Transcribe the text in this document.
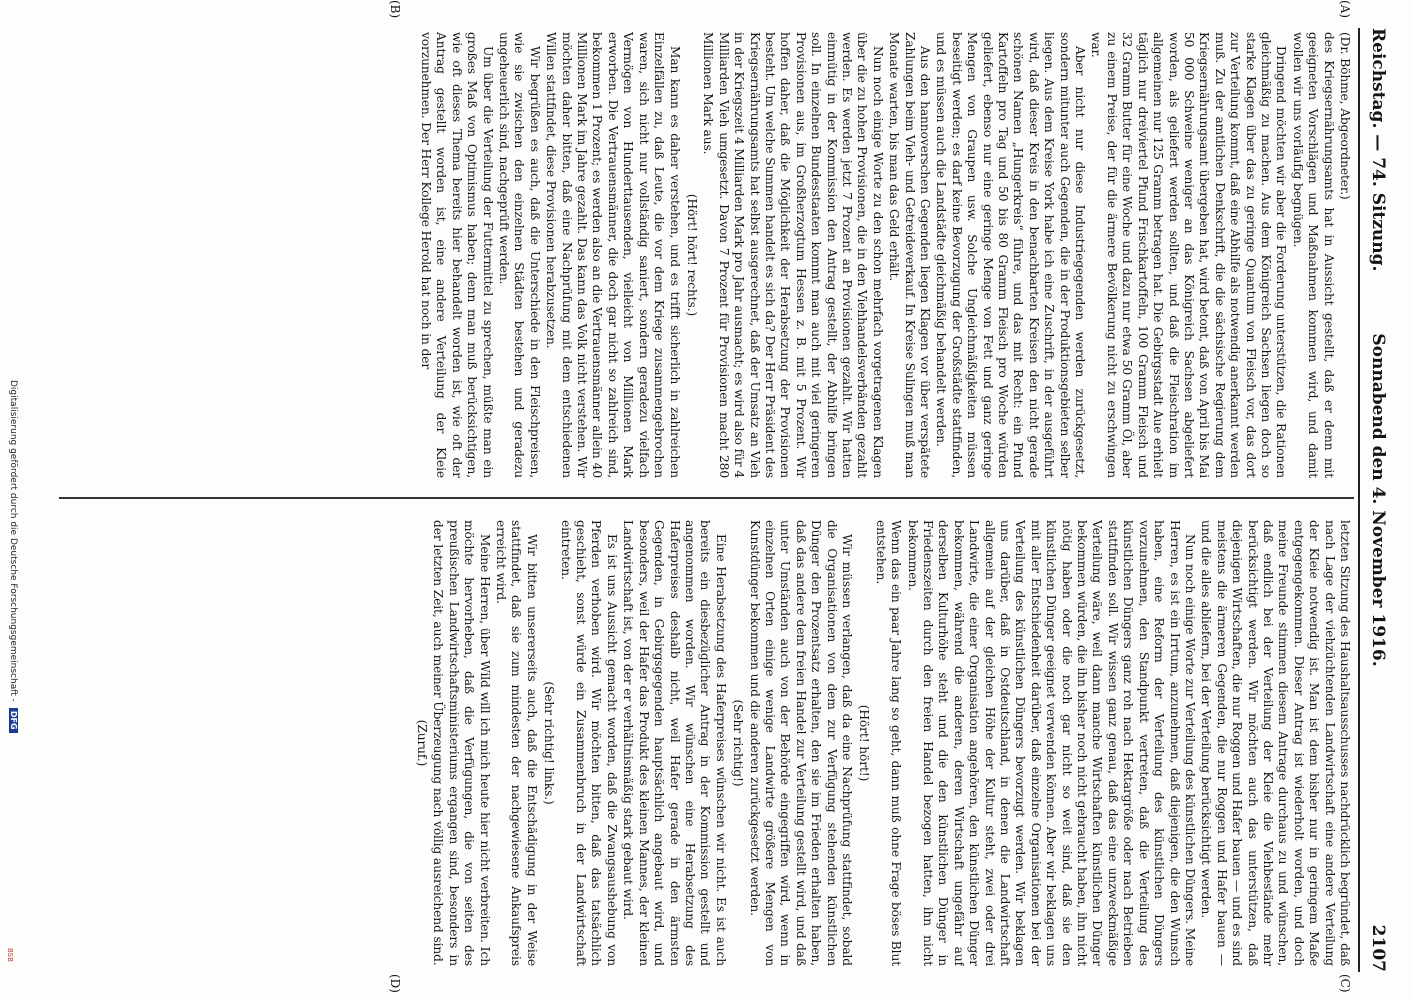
Reichstag. — 74. Sitzung.
Sonnabend den 4. November 1916.
2107
(A)
(B)
(C)
(D)

(Dr. Böhme, Abgeordneter.)

des Kriegsernährungsamts hat in Aussicht gestellt, daß er denn mit geeigneten Vorschlägen und Maßnahmen kommen wird, und damit wollen wir uns vorläufig begnügen.

Dringend möchten wir aber die Forderung unterstützen, die Rationen gleichmäßig zu machen. Aus dem Königreich Sachsen liegen doch so starke Klagen über das zu geringe Quantum von Fleisch vor, das dort zur Verteilung kommt, daß eine Abhilfe als notwendig anerkannt werden muß. Zu der amtlichen Denkschrift, die die sächsische Regierung dem Kriegsernährungsamt übergeben hat, wird betont, daß von April bis Mai 50 000 Schweine weniger an das Königreich Sachsen abgeliefert worden, als geliefert werden sollten, und daß die Fleischration im allgemeinen nur 125 Gramm betragen hat. Die Gebirgsstadt Aue erhielt täglich nur dreiviertel Pfund Frischkartoffeln, 100 Gramm Fleisch und 32 Gramm Butter für eine Woche und dazu nur etwa 50 Gramm Öl, aber zu einem Preise, der für die ärmere Bevölkerung nicht zu erschwingen war.

Aber nicht nur diese Industriegegenden werden zurückgesetzt, sondern mitunter auch Gegenden, die in der Produktionsgebieten selber liegen. Aus dem Kreise York habe ich eine Zuschrift, in der ausgeführt wird, daß dieser Kreis in den benachbarten Kreisen den nicht gerade schönen Namen „Hungerkreis“ führe, und das mit Recht: ein Pfund Kartoffeln pro Tag und 50 bis 80 Gramm Fleisch pro Woche würden geliefert, ebenso nur eine geringe Menge von Fett und ganz geringe Mengen von Graupen usw. Solche Ungleichmäßigkeiten müssen beseitigt werden; es darf keine Bevorzugung der Großstädte stattfinden, und es müssen auch die Landstädte gleichmäßig behandelt werden.

Aus den hannoverschen Gegenden liegen Klagen vor über verspätete Zahlungen beim Vieh- und Getreideverkauf. In Kreise Sulingen muß man Monate warten, bis man das Geld erhält.

Nun noch einige Worte zu den schon mehrfach vorgetragenen Klagen über die zu hohen Provisionen, die in den Viehhandelsverbänden gezahlt werden. Es werden jetzt 7 Prozent an Provisionen gezahlt. Wir hatten einmütig in der Kommission den Antrag gestellt, der Abhilfe bringen soll. In einzelnen Bundesstaaten kommt man auch mit viel geringeren Provisionen aus, im Großherzogtum Hessen z. B. mit 5 Prozent. Wir hoffen daher, daß die Möglichkeit der Herabsetzung der Provisionen besteht. Um welche Summen handelt es sich da? Der Herr Präsident des Kriegsernährungsamts hat selbst ausgerechnet, daß der Umsatz an Vieh in der Kriegszeit 4 Milliarden Mark pro Jahr ausmacht; es wird also für 4 Milliarden Vieh umgesetzt. Davon 7 Prozent für Provisionen macht 280 Millionen Mark aus.

(Hört! hört! rechts.)

Man kann es daher verstehen, und es trifft sicherlich in zahlreichen Einzelfällen zu, daß Leute, die vor dem Kriege zusammengebrochen waren, sich nicht nur vollständig saniert, sondern geradezu vielfach Vermögen von Hunderttausenden, vielleicht von Millionen Mark erworben. Die Vertrauensmänner, die doch gar nicht so zahlreich sind, bekommen 1 Prozent; es werden also an die Vertrauensmänner allein 40 Millionen Mark im Jahre gezahlt. Das kann das Volk nicht verstehen. Wir möchten daher bitten, daß eine Nachprüfung mit dem entschiedenen Willen stattfindet, diese Provisionen herabzusetzen.

Wir begrüßen es auch, daß die Unterschiede in den Fleischpreisen, wie sie zwischen den einzelnen Städten bestehen und geradezu ungeheuerlich sind, nachgeprüft werden.

Um über die Verteilung der Futtermittel zu sprechen, müßte man ein großes Maß von Optimismus haben; denn man muß berücksichtigen, wie oft dieses Thema bereits hier behandelt worden ist, wie oft der Antrag gestellt worden ist, eine andere Verteilung der Kleie vorzunehmen. Der Herr Kollege Herold hat noch in der

letzten Sitzung des Haushaltsausschusses nachdrücklich begründet, daß nach Lage der viehzüchtenden Landwirtschaft eine andere Verteilung der Kleie notwendig ist. Man ist dem bisher nur in geringem Maße entgegengekommen. Dieser Antrag ist wiederholt worden, und doch meine Freunde stimmen diesem Antrage durchaus zu und wünschen, daß endlich bei der Verteilung der Kleie die Viehbestände mehr berücksichtigt werden. Wir möchten auch das unterstützen, daß diejenigen Wirtschaften, die nur Roggen und Hafer bauen — und es sind meistens die ärmeren Gegenden, die nur Roggen und Hafer bauen — und die alles abliefern, bei der Verteilung berücksichtigt werden.

Nun noch einige Worte zur Verteilung des künstlichen Düngers. Meine Herren, es ist ein Irrtum, anzunehmen, daß diejenigen, die den Wunsch haben, eine Reform der Verteilung des künstlichen Düngers vorzunehmen, den Standpunkt vertreten, daß die Verteilung des künstlichen Düngers ganz roh nach Hektargröße oder nach Betrieben stattfinden soll. Wir wissen ganz genau, daß das eine unzweckmäßige Verteilung wäre, weil dann manche Wirtschaften künstlichen Dünger bekommen würden, die ihn bisher noch nicht gebraucht haben, ihn nicht nötig haben oder die noch gar nicht so weit sind, daß sie den künstlichen Dünger geeignet verwenden können. Aber wir beklagen uns mit aller Entschiedenheit darüber, daß einzelne Organisationen bei der Verteilung des künstlichen Düngers bevorzugt werden. Wir beklagen uns darüber, daß in Ostdeutschland, in denen die Landwirtschaft allgemein auf der gleichen Höhe der Kultur steht, zwei oder drei Landwirte, die einer Organisation angehören, den künstlichen Dünger bekommen, während die anderen, deren Wirtschaft ungefähr auf derselben Kulturhöhe steht und die den künstlichen Dünger in Friedenszeiten durch den freien Handel bezogen hatten, ihn nicht bekommen.

Wenn das ein paar Jahre lang so geht, dann muß ohne Frage böses Blut entstehen.

(Hört! hört!)

Wir müssen verlangen, daß da eine Nachprüfung stattfindet, sobald die Organisationen von dem zur Verfügung stehenden künstlichen Dünger den Prozentsatz erhalten, den sie im Frieden erhalten haben, daß das andere dem freien Handel zur Verteilung gestellt wird, und daß unter Umständen auch von der Behörde eingegriffen wird, wenn in einzelnen Orten einige wenige Landwirte größere Mengen von Kunstdünger bekommen und die anderen zurückgesetzt werden.

(Sehr richtig!)

Eine Herabsetzung des Haferpreises wünschen wir nicht. Es ist auch bereits ein diesbezüglicher Antrag in der Kommission gestellt und angenommen worden. Wir wünschen eine Herabsetzung des Haferpreises deshalb nicht, weil Hafer gerade in den ärmsten Gegenden, in Gebirgsgegenden hauptsächlich angebaut wird, und besonders, weil der Hafer das Produkt des kleinen Mannes, der kleinen Landwirtschaft ist, von der er verhältnismäßig stark gebaut wird.

Es ist uns Aussicht gemacht worden, daß die Zwangsaushebung von Pferden verhoben wird. Wir möchten bitten, daß das tatsächlich geschieht, sonst würde ein Zusammenbruch in der Landwirtschaft eintreten.

(Sehr richtig! links.)

Wir bitten unsererseits auch, daß die Entschädigung in der Weise stattfindet, daß sie zum mindesten der nachgewiesene Ankaufspreis erreicht wird.

Meine Herren, über Wild will ich mich heute hier nicht verbreiten. Ich möchte hervorheben, daß die Verfügungen, die von seiten des preußischen Landwirtschaftsministeriums ergangen sind, besonders in der letzten Zeit, auch meiner Überzeugung nach völlig ausreichend sind.

(Zuruf.)

Digitalisierung gefördert durch die Deutsche Forschungsgemeinschaft -DFG
BSB
